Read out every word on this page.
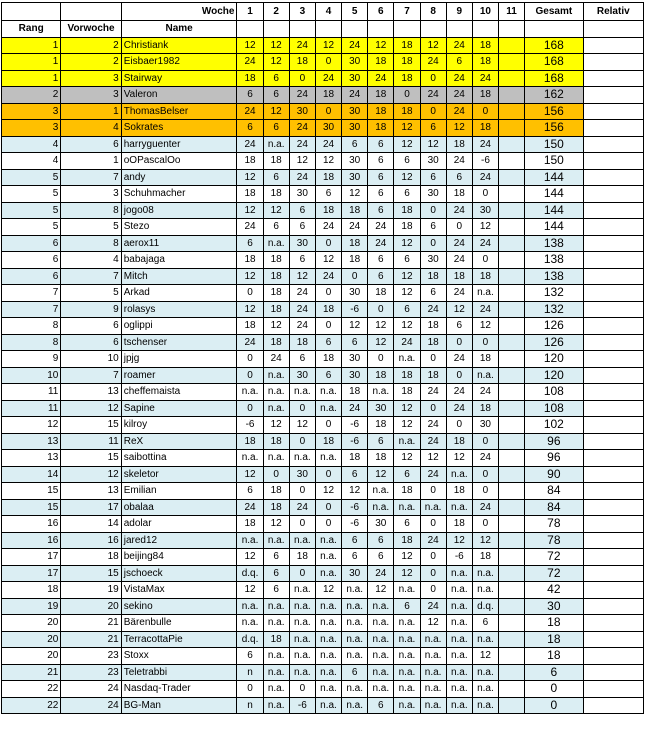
		Woche	1	2	3	4	5	6	7	8	9	10	11	Gesamt	Relativ
Rang	Vorwoche	Name													
1	2	Christiank	12	12	24	12	24	12	18	12	24	18		168	
1	2	Eisbaer1982	24	12	18	0	30	18	18	24	6	18		168	
1	3	Stairway	18	6	0	24	30	24	18	0	24	24		168	
2	3	Valeron	6	6	24	18	24	18	0	24	24	18		162	
3	1	ThomasBelser	24	12	30	0	30	18	18	0	24	0		156	
3	4	Sokrates	6	6	24	30	30	18	12	6	12	18		156	
4	6	harryguenter	24	n.a.	24	24	6	6	12	12	18	24		150	
4	1	oOPascalOo	18	18	12	12	30	6	6	30	24	-6		150	
5	7	andy	12	6	24	18	30	6	12	6	6	24		144	
5	3	Schuhmacher	18	18	30	6	12	6	6	30	18	0		144	
5	8	jogo08	12	12	6	18	18	6	18	0	24	30		144	
5	5	Stezo	24	6	6	24	24	24	18	6	0	12		144	
6	8	aerox11	6	n.a.	30	0	18	24	12	0	24	24		138	
6	4	babajaga	18	18	6	12	18	6	6	30	24	0		138	
6	7	Mitch	12	18	12	24	0	6	12	18	18	18		138	
7	5	Arkad	0	18	24	0	30	18	12	6	24	n.a.		132	
7	9	rolasys	12	18	24	18	-6	0	6	24	12	24		132	
8	6	oglippi	18	12	24	0	12	12	12	18	6	12		126	
8	6	tschenser	24	18	18	6	6	12	24	18	0	0		126	
9	10	jpjg	0	24	6	18	30	0	n.a.	0	24	18		120	
10	7	roamer	0	n.a.	30	6	30	18	18	18	0	n.a.		120	
11	13	cheffemaista	n.a.	n.a.	n.a.	n.a.	18	n.a.	18	24	24	24		108	
11	12	Sapine	0	n.a.	0	n.a.	24	30	12	0	24	18		108	
12	15	kilroy	-6	12	12	0	-6	18	12	24	0	30		102	
13	11	ReX	18	18	0	18	-6	6	n.a.	24	18	0		96	
13	15	saibottina	n.a.	n.a.	n.a.	n.a.	18	18	12	12	12	24		96	
14	12	skeletor	12	0	30	0	6	12	6	24	n.a.	0		90	
15	13	Emilian	6	18	0	12	12	n.a.	18	0	18	0		84	
15	17	obalaa	24	18	24	0	-6	n.a.	n.a.	n.a.	n.a.	24		84	
16	14	adolar	18	12	0	0	-6	30	6	0	18	0		78	
16	16	jared12	n.a.	n.a.	n.a.	n.a.	6	6	18	24	12	12		78	
17	18	beijing84	12	6	18	n.a.	6	6	12	0	-6	18		72	
17	15	jschoeck	d.q.	6	0	n.a.	30	24	12	0	n.a.	n.a.		72	
18	19	VistaMax	12	6	n.a.	12	n.a.	12	n.a.	0	n.a.	n.a.		42	
19	20	sekino	n.a.	n.a.	n.a.	n.a.	n.a.	n.a.	6	24	n.a.	d.q.		30	
20	21	Bärenbulle	n.a.	n.a.	n.a.	n.a.	n.a.	n.a.	n.a.	12	n.a.	6		18	
20	21	TerracottaPie	d.q.	18	n.a.	n.a.	n.a.	n.a.	n.a.	n.a.	n.a.	n.a.		18	
20	23	Stoxx	6	n.a.	n.a.	n.a.	n.a.	n.a.	n.a.	n.a.	n.a.	12		18	
21	23	Teletrabbi	n	n.a.	n.a.	n.a.	6	n.a.	n.a.	n.a.	n.a.	n.a.		6	
22	24	Nasdaq-Trader	0	n.a.	0	n.a.	n.a.	n.a.	n.a.	n.a.	n.a.	n.a.		0	
22	24	BG-Man	n	n.a.	-6	n.a.	n.a.	6	n.a.	n.a.	n.a.	n.a.		0	
